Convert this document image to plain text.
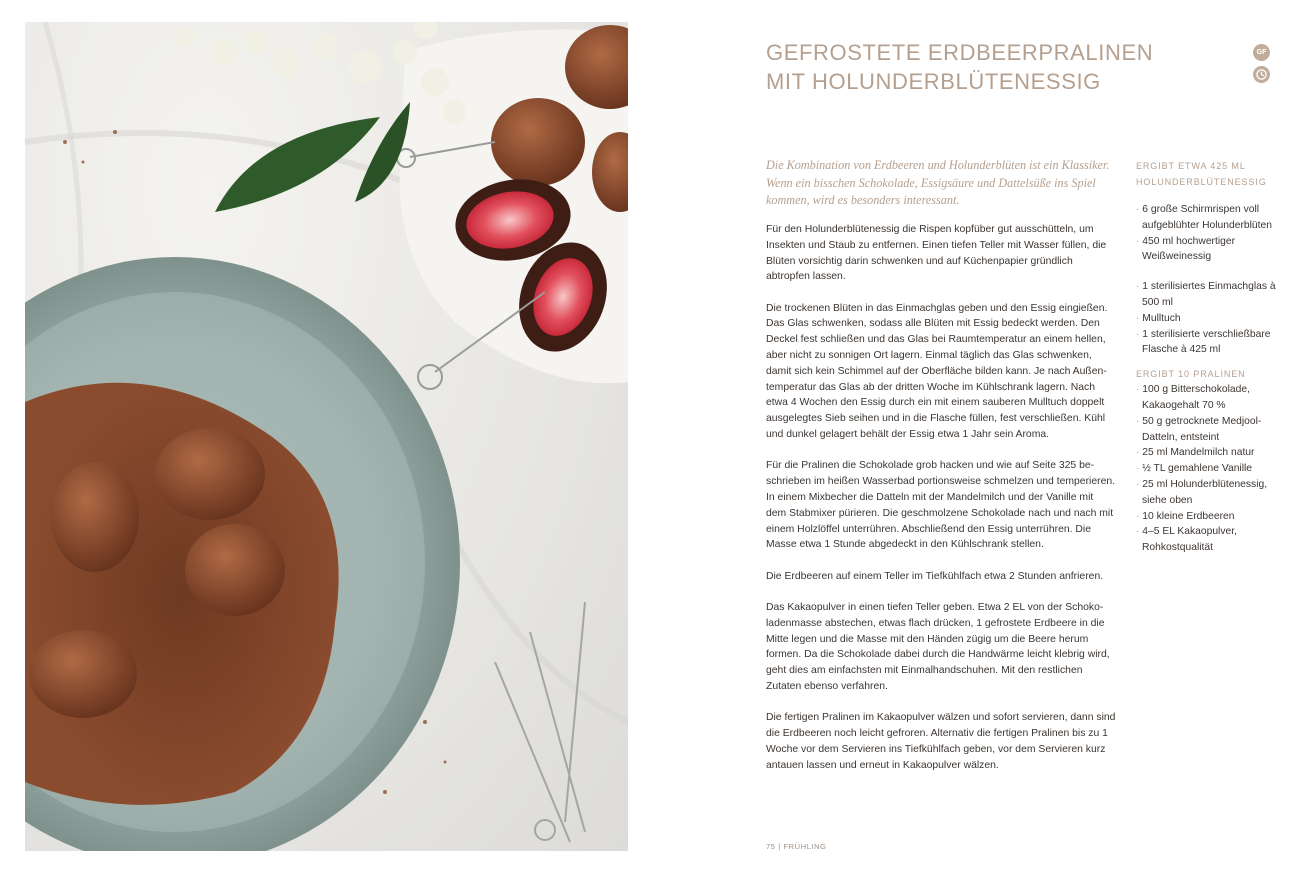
GEFROSTETE ERDBEERPRALINEN
MIT HOLUNDERBLÜTENESSIG
GF

Die Kombination von Erdbeeren und Holunderblüten ist ein Klassiker. Wenn ein bisschen Schokolade, Essigsäure und Dattelsüße ins Spiel kommen, wird es besonders interessant.

Für den Holunderblütenessig die Rispen kopfüber gut ausschütteln, um Insekten und Staub zu entfernen. Einen tiefen Teller mit Wasser füllen, die Blüten vorsichtig darin schwenken und auf Küchenpapier gründlich abtropfen lassen.

Die trockenen Blüten in das Einmachglas geben und den Essig eingießen. Das Glas schwenken, sodass alle Blüten mit Essig bedeckt werden. Den Deckel fest schließen und das Glas bei Raumtemperatur an einem hellen, aber nicht zu sonnigen Ort lagern. Einmal täglich das Glas schwenken, damit sich kein Schimmel auf der Oberfläche bilden kann. Je nach Außentemperatur das Glas ab der dritten Woche im Kühlschrank lagern. Nach etwa 4 Wochen den Essig durch ein mit einem sauberen Mulltuch doppelt ausgelegtes Sieb seihen und in die Flasche füllen, fest verschließen. Kühl und dunkel gelagert behält der Essig etwa 1 Jahr sein Aroma.

Für die Pralinen die Schokolade grob hacken und wie auf Seite 325 beschrieben im heißen Wasserbad portionsweise schmelzen und temperieren. In einem Mixbecher die Datteln mit der Mandelmilch und der Vanille mit dem Stabmixer pürieren. Die geschmolzene Schokolade nach und nach mit einem Holzlöffel unterrühren. Abschließend den Essig unterrühren. Die Masse etwa 1 Stunde abgedeckt in den Kühlschrank stellen.

Die Erdbeeren auf einem Teller im Tiefkühlfach etwa 2 Stunden anfrieren.

Das Kakaopulver in einen tiefen Teller geben. Etwa 2 EL von der Schokoladenmasse abstechen, etwas flach drücken, 1 gefrostete Erdbeere in die Mitte legen und die Masse mit den Händen zügig um die Beere herum formen. Da die Schokolade dabei durch die Handwärme leicht klebrig wird, geht dies am einfachsten mit Einmalhandschuhen. Mit den restlichen Zutaten ebenso verfahren.

Die fertigen Pralinen im Kakaopulver wälzen und sofort servieren, dann sind die Erdbeeren noch leicht gefroren. Alternativ die fertigen Pralinen bis zu 1 Woche vor dem Servieren ins Tiefkühlfach geben, vor dem Servieren kurz antauen lassen und erneut in Kakaopulver wälzen.

ERGIBT ETWA 425 ML HOLUNDERBLÜTENESSIG
· 6 große Schirmrispen voll aufgeblühter Holunderblüten
· 450 ml hochwertiger Weißweinessig
· 1 sterilisiertes Einmachglas à 500 ml
· Mulltuch
· 1 sterilisierte verschließbare Flasche à 425 ml
ERGIBT 10 PRALINEN
· 100 g Bitterschokolade, Kakaogehalt 70 %
· 50 g getrocknete Medjool-Datteln, entsteint
· 25 ml Mandelmilch natur
· ½ TL gemahlene Vanille
· 25 ml Holunderblütenessig, siehe oben
· 10 kleine Erdbeeren
· 4–5 EL Kakaopulver, Rohkostqualität
75 | FRÜHLING
